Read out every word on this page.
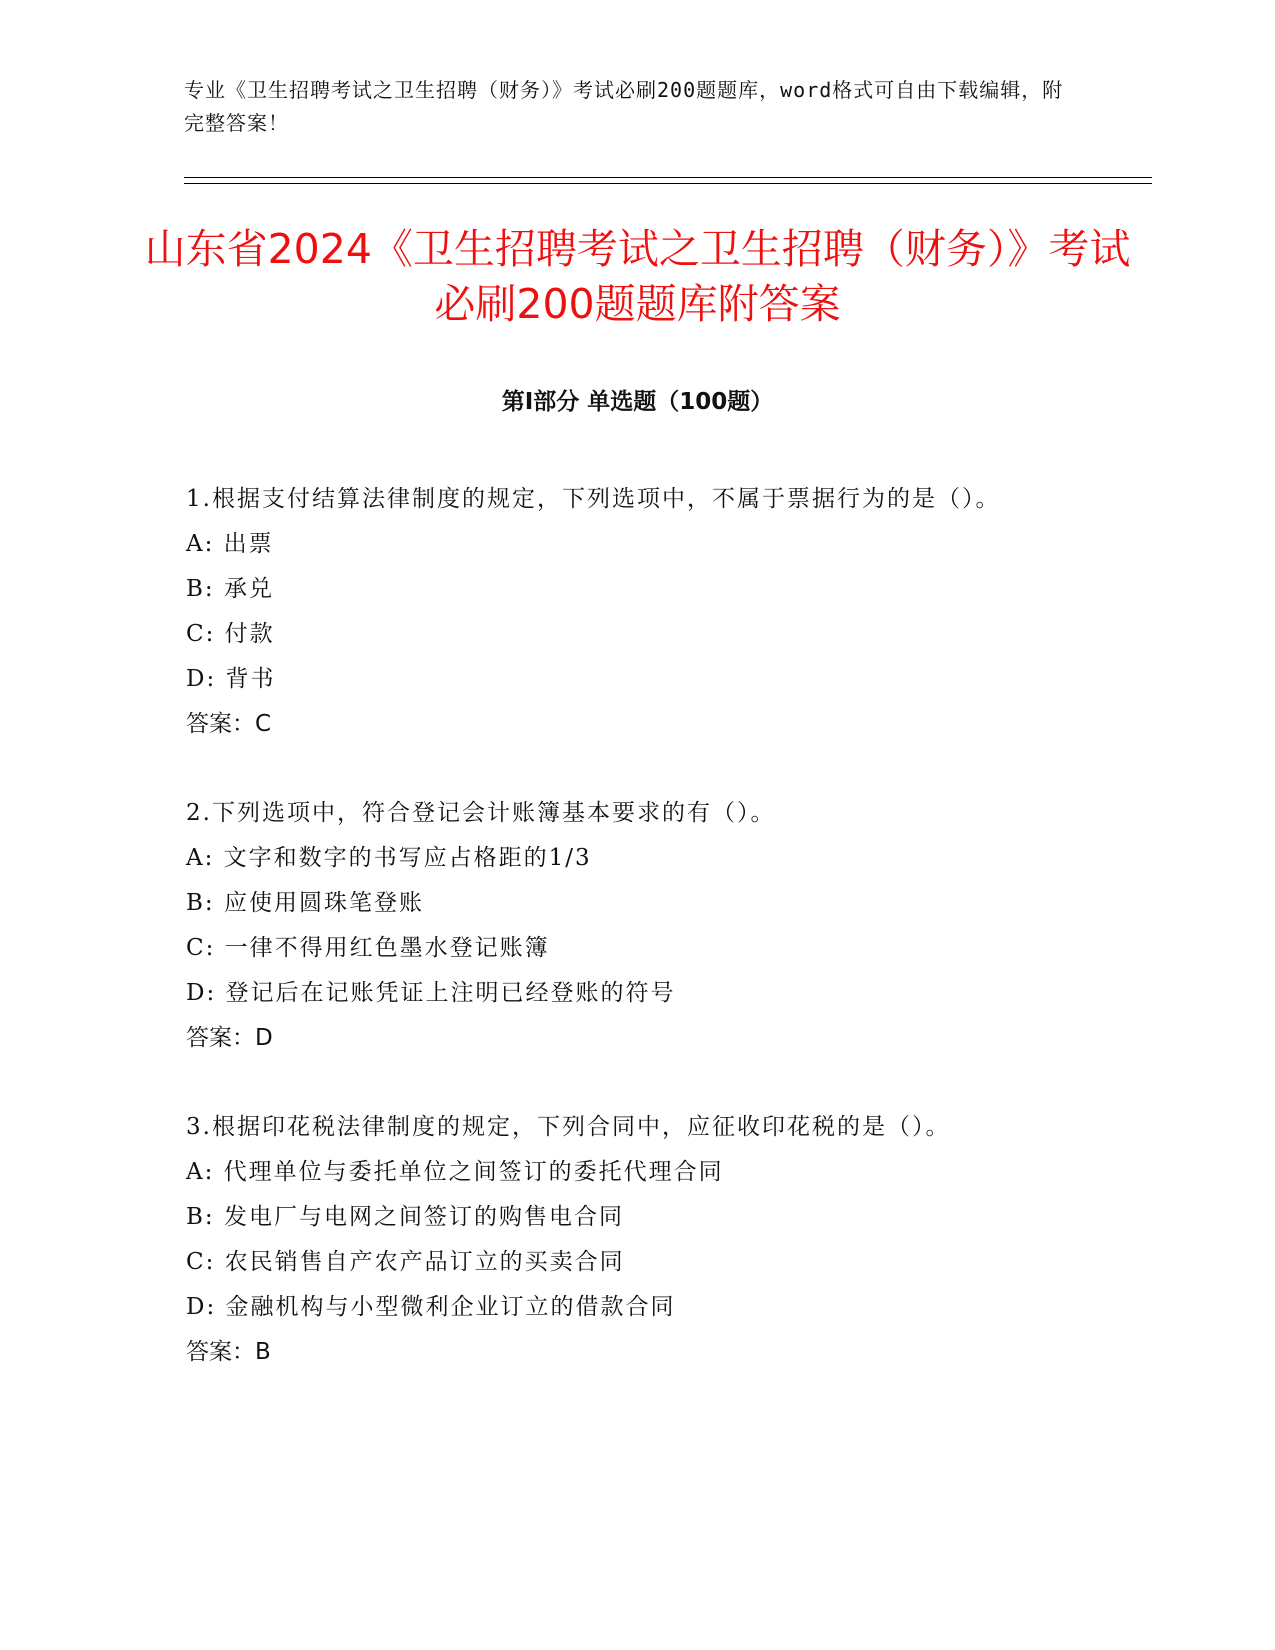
专业《卫生招聘考试之卫生招聘（财务）》考试必刷200题题库，word格式可自由下载编辑，附完整答案！
山东省2024《卫生招聘考试之卫生招聘（财务）》考试必刷200题题库附答案
第I部分 单选题（100题）

1.根据支付结算法律制度的规定，下列选项中，不属于票据行为的是（）。

A: 出票

B: 承兑

C: 付款

D: 背书

答案：C

2.下列选项中，符合登记会计账簿基本要求的有（）。

A: 文字和数字的书写应占格距的1/3

B: 应使用圆珠笔登账

C: 一律不得用红色墨水登记账簿

D: 登记后在记账凭证上注明已经登账的符号

答案：D

3.根据印花税法律制度的规定，下列合同中，应征收印花税的是（）。

A: 代理单位与委托单位之间签订的委托代理合同

B: 发电厂与电网之间签订的购售电合同

C: 农民销售自产农产品订立的买卖合同

D: 金融机构与小型微利企业订立的借款合同

答案：B
